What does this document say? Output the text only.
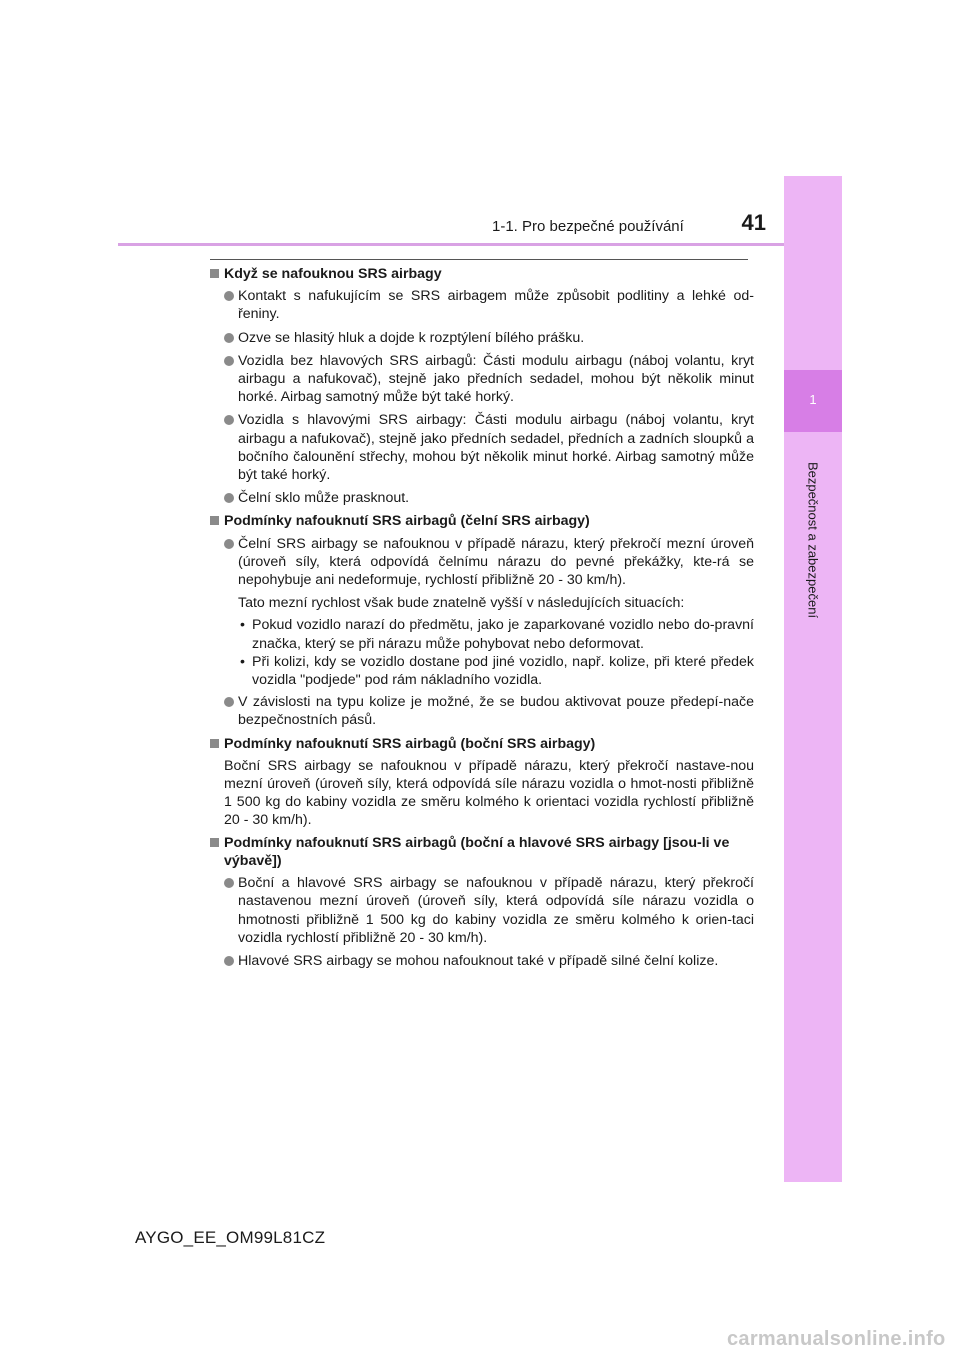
1-1. Pro bezpečné používání	41
1
Bezpečnost a zabezpečení
Když se nafouknou SRS airbagy
Kontakt s nafukujícím se SRS airbagem může způsobit podlitiny a lehké od-řeniny.
Ozve se hlasitý hluk a dojde k rozptýlení bílého prášku.
Vozidla bez hlavových SRS airbagů: Části modulu airbagu (náboj volantu, kryt airbagu a nafukovač), stejně jako předních sedadel, mohou být několik minut horké. Airbag samotný může být také horký.
Vozidla s hlavovými SRS airbagy: Části modulu airbagu (náboj volantu, kryt airbagu a nafukovač), stejně jako předních sedadel, předních a zadních sloupků a bočního čalounění střechy, mohou být několik minut horké. Airbag samotný může být také horký.
Čelní sklo může prasknout.
Podmínky nafouknutí SRS airbagů (čelní SRS airbagy)
Čelní SRS airbagy se nafouknou v případě nárazu, který překročí mezní úroveň (úroveň síly, která odpovídá čelnímu nárazu do pevné překážky, kte-rá se nepohybuje ani nedeformuje, rychlostí přibližně 20 - 30 km/h).
Tato mezní rychlost však bude znatelně vyšší v následujících situacích:
• Pokud vozidlo narazí do předmětu, jako je zaparkované vozidlo nebo do-pravní značka, který se při nárazu může pohybovat nebo deformovat.
• Při kolizi, kdy se vozidlo dostane pod jiné vozidlo, např. kolize, při které předek vozidla "podjede" pod rám nákladního vozidla.
V závislosti na typu kolize je možné, že se budou aktivovat pouze předepí-nače bezpečnostních pásů.
Podmínky nafouknutí SRS airbagů (boční SRS airbagy)
Boční SRS airbagy se nafouknou v případě nárazu, který překročí nastave-nou mezní úroveň (úroveň síly, která odpovídá síle nárazu vozidla o hmot-nosti přibližně 1 500 kg do kabiny vozidla ze směru kolmého k orientaci vozidla rychlostí přibližně 20 - 30 km/h).
Podmínky nafouknutí SRS airbagů (boční a hlavové SRS airbagy [jsou-li ve výbavě])
Boční a hlavové SRS airbagy se nafouknou v případě nárazu, který překročí nastavenou mezní úroveň (úroveň síly, která odpovídá síle nárazu vozidla o hmotnosti přibližně 1 500 kg do kabiny vozidla ze směru kolmého k orien-taci vozidla rychlostí přibližně 20 - 30 km/h).
Hlavové SRS airbagy se mohou nafouknout také v případě silné čelní kolize.
AYGO_EE_OM99L81CZ
carmanualsonline.info
